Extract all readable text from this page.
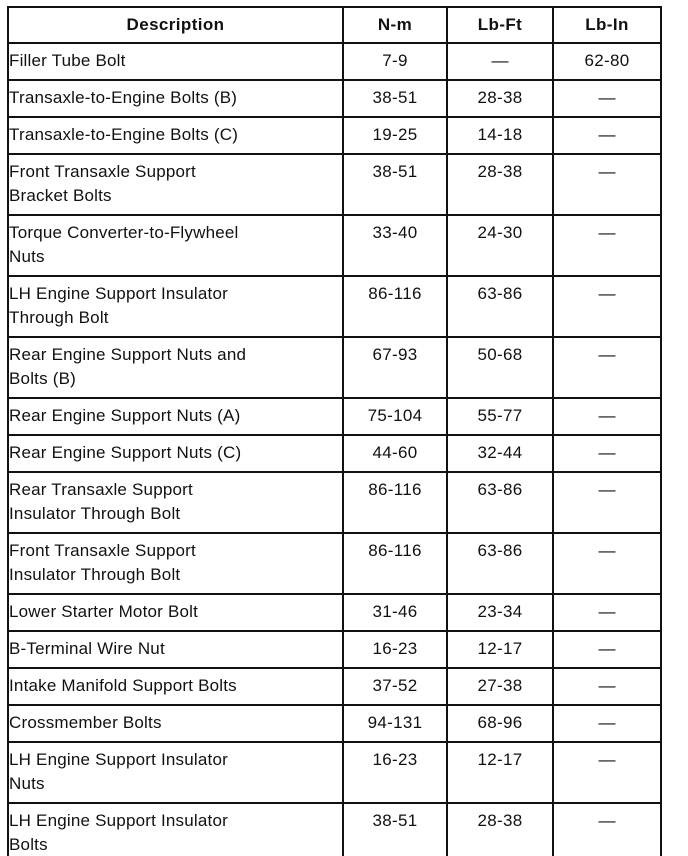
Description	N-m	Lb-Ft	Lb-In
Filler Tube Bolt	7-9	—	62-80
Transaxle-to-Engine Bolts (B)	38-51	28-38	—
Transaxle-to-Engine Bolts (C)	19-25	14-18	—
Front Transaxle Support
Bracket Bolts	38-51	28-38	—
Torque Converter-to-Flywheel
Nuts	33-40	24-30	—
LH Engine Support Insulator
Through Bolt	86-116	63-86	—
Rear Engine Support Nuts and
Bolts (B)	67-93	50-68	—
Rear Engine Support Nuts (A)	75-104	55-77	—
Rear Engine Support Nuts (C)	44-60	32-44	—
Rear Transaxle Support
Insulator Through Bolt	86-116	63-86	—
Front Transaxle Support
Insulator Through Bolt	86-116	63-86	—
Lower Starter Motor Bolt	31-46	23-34	—
B-Terminal Wire Nut	16-23	12-17	—
Intake Manifold Support Bolts	37-52	27-38	—
Crossmember Bolts	94-131	68-96	—
LH Engine Support Insulator
Nuts	16-23	12-17	—
LH Engine Support Insulator
Bolts	38-51	28-38	—
